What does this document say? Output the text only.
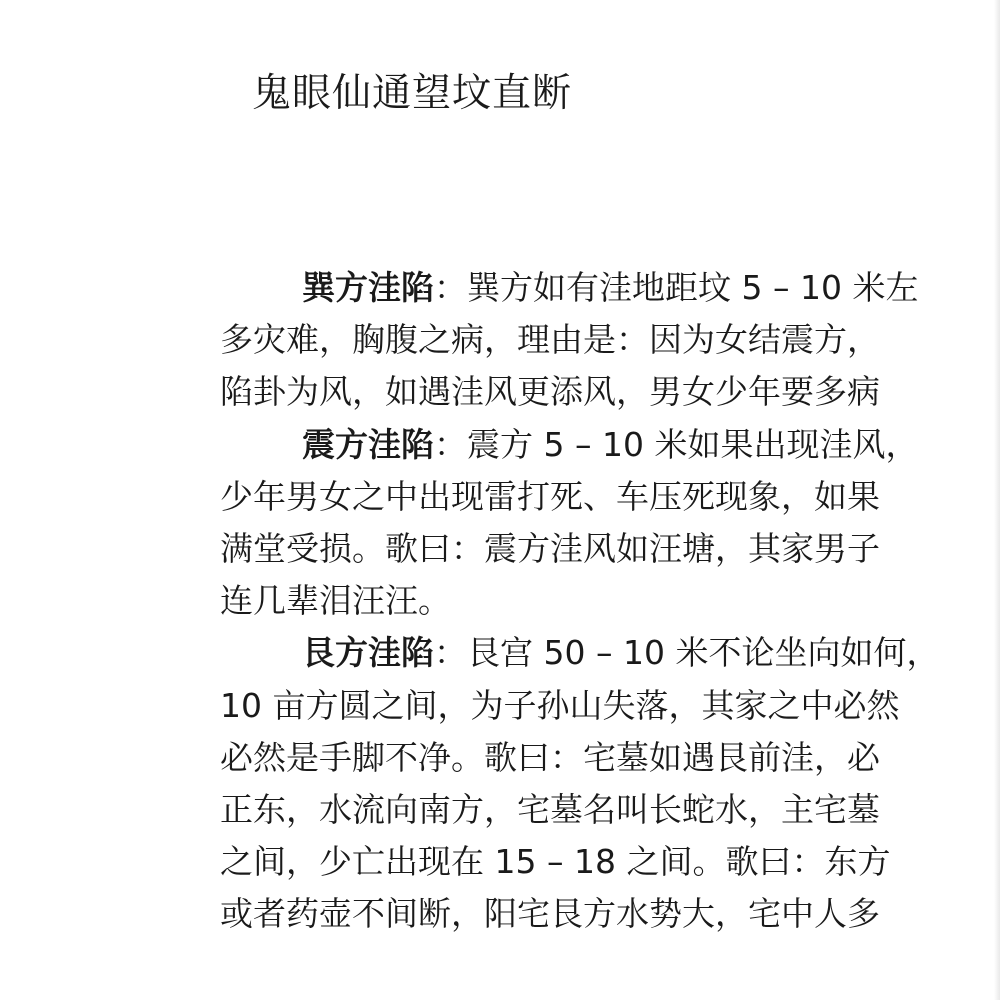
鬼眼仙通望坟直断
巽方洼陷：巽方如有洼地距坟 5 – 10 米左
多灾难，胸腹之病，理由是：因为女结震方，
陷卦为风，如遇洼风更添风，男女少年要多病
震方洼陷：震方 5 – 10 米如果出现洼风，
少年男女之中出现雷打死、车压死现象，如果
满堂受损。歌曰：震方洼风如汪塘，其家男子
连几辈泪汪汪。
艮方洼陷：艮宫 50 – 10 米不论坐向如何，
10 亩方圆之间，为子孙山失落，其家之中必然
必然是手脚不净。歌曰：宅墓如遇艮前洼，必
正东，水流向南方，宅墓名叫长蛇水，主宅墓
之间，少亡出现在 15 – 18 之间。歌曰：东方
或者药壶不间断，阳宅艮方水势大，宅中人多
